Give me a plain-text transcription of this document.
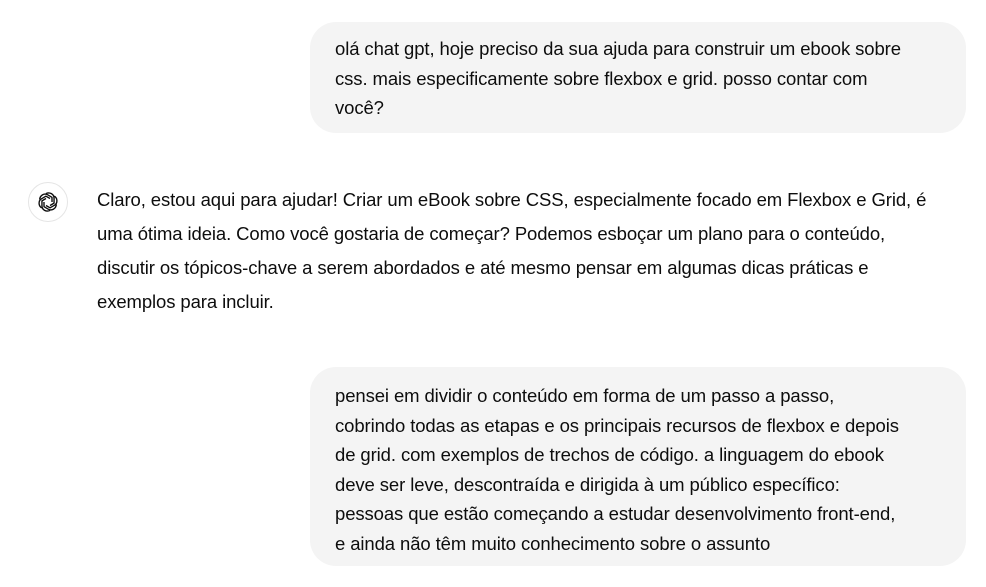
olá chat gpt, hoje preciso da sua ajuda para construir um ebook sobre
css. mais especificamente sobre flexbox e grid. posso contar com
você?
Claro, estou aqui para ajudar! Criar um eBook sobre CSS, especialmente focado em Flexbox e Grid, é
uma ótima ideia. Como você gostaria de começar? Podemos esboçar um plano para o conteúdo,
discutir os tópicos-chave a serem abordados e até mesmo pensar em algumas dicas práticas e
exemplos para incluir.
pensei em dividir o conteúdo em forma de um passo a passo,
cobrindo todas as etapas e os principais recursos de flexbox e depois
de grid. com exemplos de trechos de código. a linguagem do ebook
deve ser leve, descontraída e dirigida à um público específico:
pessoas que estão começando a estudar desenvolvimento front-end,
e ainda não têm muito conhecimento sobre o assunto
